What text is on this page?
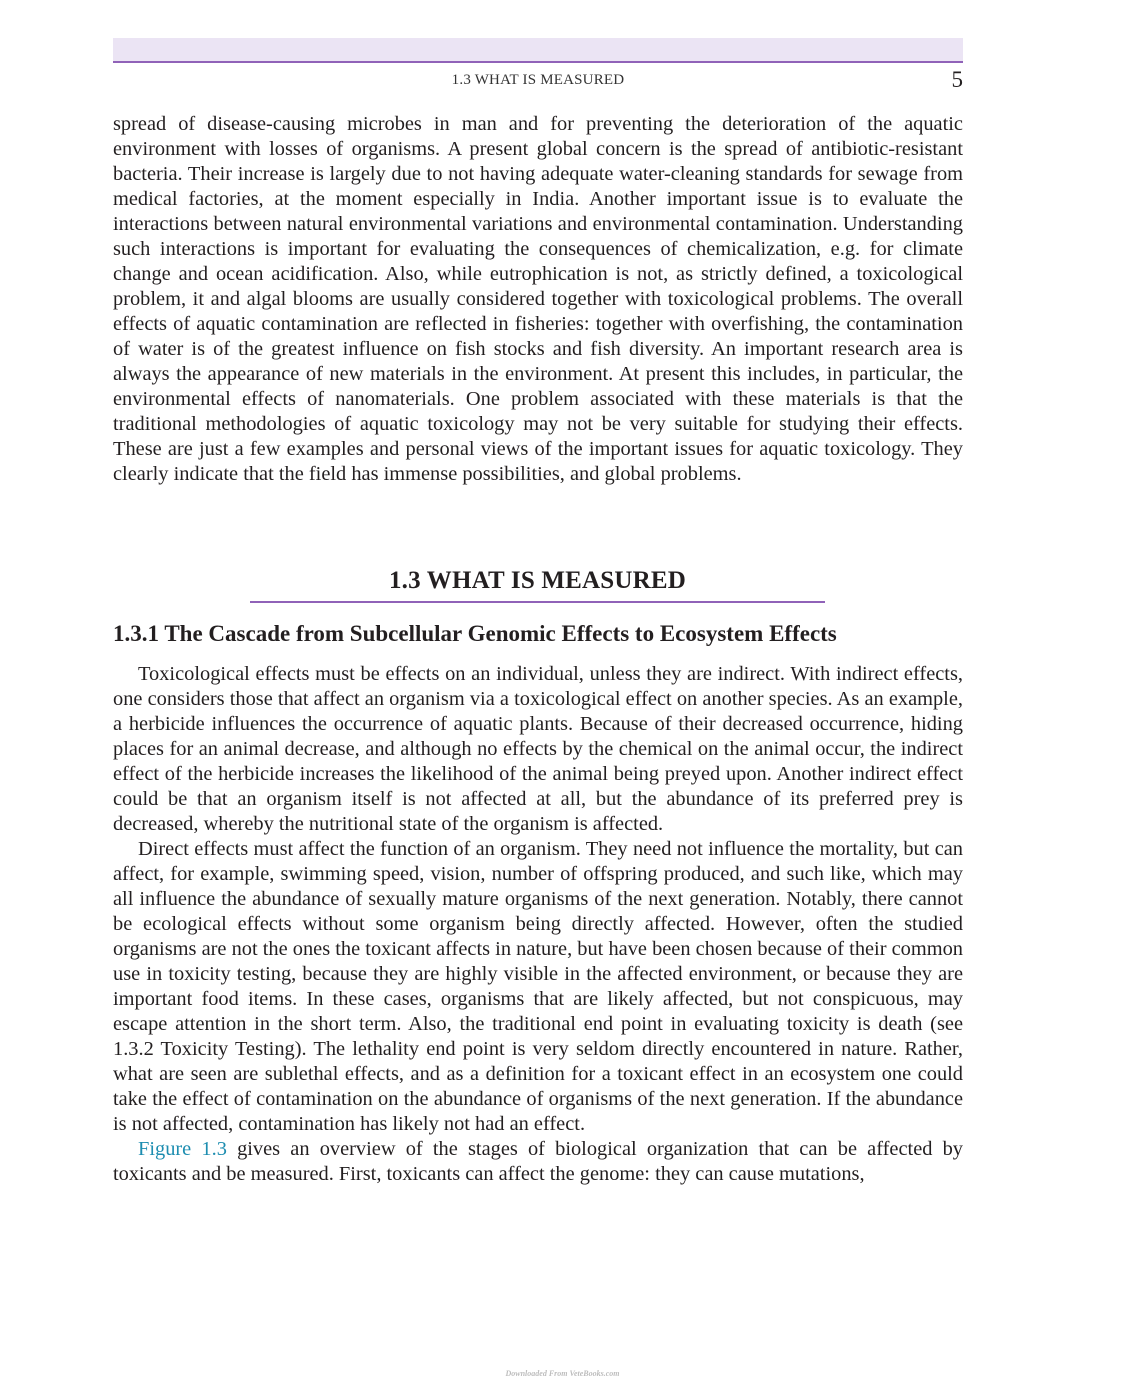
1.3 WHAT IS MEASURED	5

spread of disease-causing microbes in man and for preventing the deterioration of the aquatic environment with losses of organisms. A present global concern is the spread of antibiotic-resistant bacteria. Their increase is largely due to not having adequate water-cleaning standards for sewage from medical factories, at the moment especially in India. Another important issue is to evaluate the interactions between natural environmental variations and environmental contamination. Understanding such interactions is important for evaluating the consequences of chemicalization, e.g. for climate change and ocean acidification. Also, while eutrophication is not, as strictly defined, a toxicological problem, it and algal blooms are usually considered together with toxicological problems. The overall effects of aquatic contamination are reflected in fisheries: together with overfishing, the contamination of water is of the greatest influence on fish stocks and fish diversity. An important research area is always the appearance of new materials in the environment. At present this includes, in particular, the environmental effects of nanomaterials. One problem associated with these materials is that the traditional methodologies of aquatic toxicology may not be very suitable for studying their effects. These are just a few examples and personal views of the important issues for aquatic toxicology. They clearly indicate that the field has immense possibilities, and global problems.

1.3 WHAT IS MEASURED
1.3.1 The Cascade from Subcellular Genomic Effects to Ecosystem Effects

Toxicological effects must be effects on an individual, unless they are indirect. With indirect effects, one considers those that affect an organism via a toxicological effect on another species. As an example, a herbicide influences the occurrence of aquatic plants. Because of their decreased occurrence, hiding places for an animal decrease, and although no effects by the chemical on the animal occur, the indirect effect of the herbicide increases the likelihood of the animal being preyed upon. Another indirect effect could be that an organism itself is not affected at all, but the abundance of its preferred prey is decreased, whereby the nutritional state of the organism is affected.

Direct effects must affect the function of an organism. They need not influence the mortality, but can affect, for example, swimming speed, vision, number of offspring produced, and such like, which may all influence the abundance of sexually mature organisms of the next generation. Notably, there cannot be ecological effects without some organism being directly affected. However, often the studied organisms are not the ones the toxicant affects in nature, but have been chosen because of their common use in toxicity testing, because they are highly visible in the affected environment, or because they are important food items. In these cases, organisms that are likely affected, but not conspicuous, may escape attention in the short term. Also, the traditional end point in evaluating toxicity is death (see 1.3.2 Toxicity Testing). The lethality end point is very seldom directly encountered in nature. Rather, what are seen are sublethal effects, and as a definition for a toxicant effect in an ecosystem one could take the effect of contamination on the abundance of organisms of the next generation. If the abundance is not affected, contamination has likely not had an effect.

Figure 1.3 gives an overview of the stages of biological organization that can be affected by toxicants and be measured. First, toxicants can affect the genome: they can cause mutations,

Downloaded From VeteBooks.com
